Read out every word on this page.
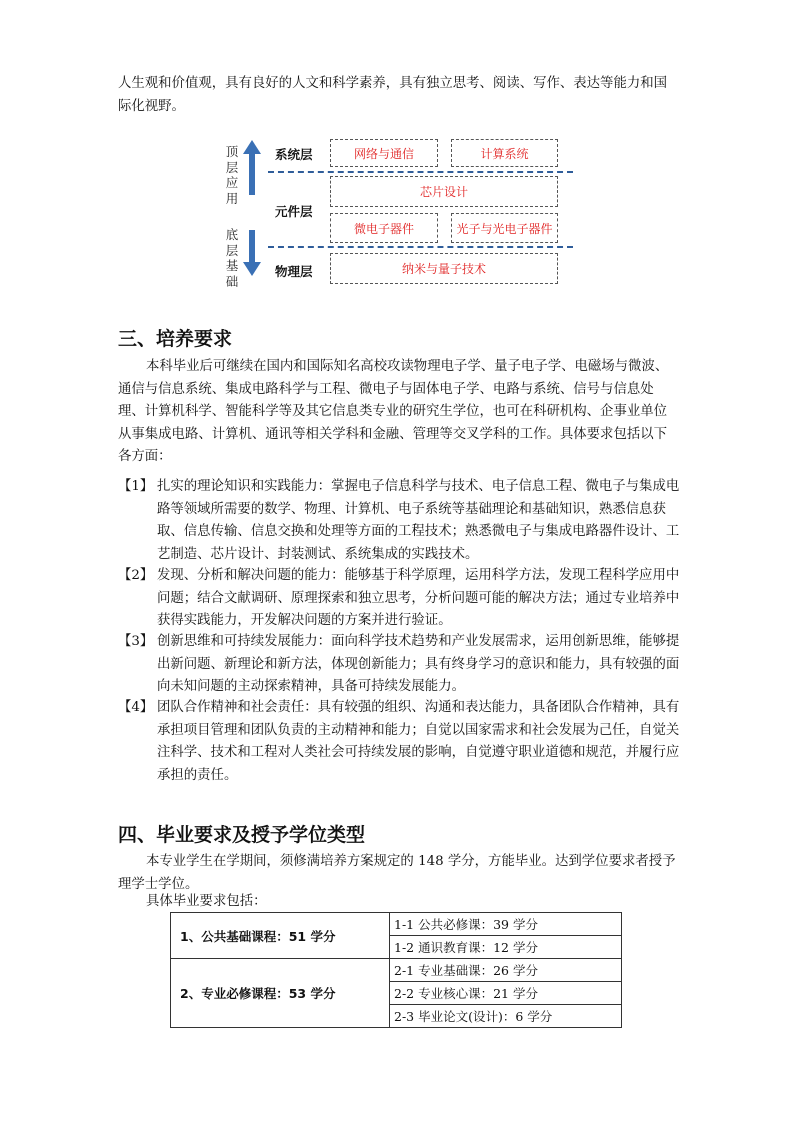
人生观和价值观，具有良好的人文和科学素养，具有独立思考、阅读、写作、表达等能力和国际化视野。
顶层应用
底层基础
系统层
元件层
物理层
网络与通信	计算系统
芯片设计
微电子器件	光子与光电子器件
纳米与量子技术
三、培养要求
本科毕业后可继续在国内和国际知名高校攻读物理电子学、量子电子学、电磁场与微波、通信与信息系统、集成电路科学与工程、微电子与固体电子学、电路与系统、信号与信息处理、计算机科学、智能科学等及其它信息类专业的研究生学位，也可在科研机构、企事业单位从事集成电路、计算机、通讯等相关学科和金融、管理等交叉学科的工作。具体要求包括以下各方面：
【1】 扎实的理论知识和实践能力：掌握电子信息科学与技术、电子信息工程、微电子与集成电路等领域所需要的数学、物理、计算机、电子系统等基础理论和基础知识，熟悉信息获取、信息传输、信息交换和处理等方面的工程技术；熟悉微电子与集成电路器件设计、工艺制造、芯片设计、封装测试、系统集成的实践技术。
【2】 发现、分析和解决问题的能力：能够基于科学原理，运用科学方法，发现工程科学应用中问题；结合文献调研、原理探索和独立思考，分析问题可能的解决方法；通过专业培养中获得实践能力，开发解决问题的方案并进行验证。
【3】 创新思维和可持续发展能力：面向科学技术趋势和产业发展需求，运用创新思维，能够提出新问题、新理论和新方法，体现创新能力；具有终身学习的意识和能力，具有较强的面向未知问题的主动探索精神，具备可持续发展能力。
【4】 团队合作精神和社会责任：具有较强的组织、沟通和表达能力，具备团队合作精神，具有承担项目管理和团队负责的主动精神和能力；自觉以国家需求和社会发展为己任，自觉关注科学、技术和工程对人类社会可持续发展的影响，自觉遵守职业道德和规范，并履行应承担的责任。
四、毕业要求及授予学位类型
本专业学生在学期间，须修满培养方案规定的 148 学分，方能毕业。达到学位要求者授予理学士学位。
具体毕业要求包括：
1、公共基础课程：51 学分	1-1 公共必修课：39 学分
	1-2 通识教育课：12 学分
2、专业必修课程：53 学分	2-1 专业基础课：26 学分
	2-2 专业核心课：21 学分
	2-3 毕业论文(设计)：6 学分
